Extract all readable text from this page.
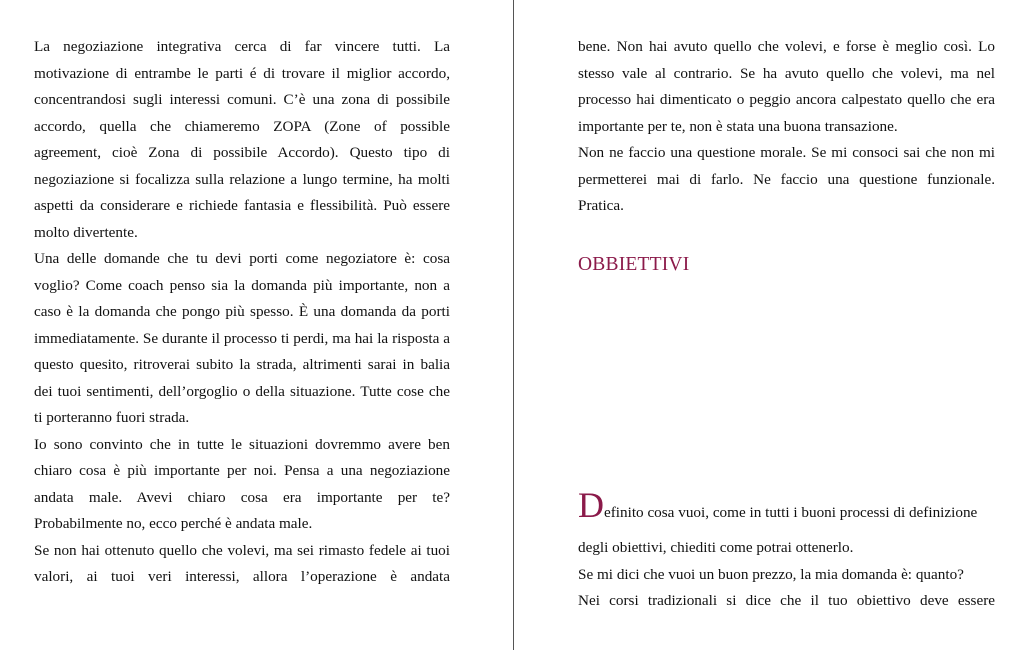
La negoziazione integrativa cerca di far vincere tutti. La motivazione di entrambe le parti é di trovare il miglior accordo, concentrandosi sugli interessi comuni. C’è una zona di possibile accordo, quella che chiameremo ZOPA (Zone of possible agreement, cioè Zona di possibile Accordo). Questo tipo di negoziazione si focalizza sulla relazione a lungo termine, ha molti aspetti da considerare e richiede fantasia e flessibilità. Può essere molto divertente.

Una delle domande che tu devi porti come negoziatore è: cosa voglio? Come coach penso sia la domanda più importante, non a caso è la domanda che pongo più spesso. È una domanda da porti immediatamente. Se durante il processo ti perdi, ma hai la risposta a questo quesito, ritroverai subito la strada, altrimenti sarai in balia dei tuoi sentimenti, dell’orgoglio o della situazione. Tutte cose che ti porteranno fuori strada.

Io sono convinto che in tutte le situazioni dovremmo avere ben chiaro cosa è più importante per noi. Pensa a una negoziazione andata male. Avevi chiaro cosa era importante per te? Probabilmente no, ecco perché è andata male.

Se non hai ottenuto quello che volevi, ma sei rimasto fedele ai tuoi valori, ai tuoi veri interessi, allora l’operazione è andata

bene. Non hai avuto quello che volevi, e forse è meglio così. Lo stesso vale al contrario. Se ha avuto quello che volevi, ma nel processo hai dimenticato o peggio ancora calpestato quello che era importante per te, non è stata una buona transazione.

Non ne faccio una questione morale. Se mi consoci sai che non mi permetterei mai di farlo. Ne faccio una questione funzionale. Pratica.

OBBIETTIVI

Definito cosa vuoi, come in tutti i buoni processi di definizione

degli obiettivi, chiediti come potrai ottenerlo.

Se mi dici che vuoi un buon prezzo, la mia domanda è: quanto?

Nei corsi tradizionali si dice che il tuo obiettivo deve essere
